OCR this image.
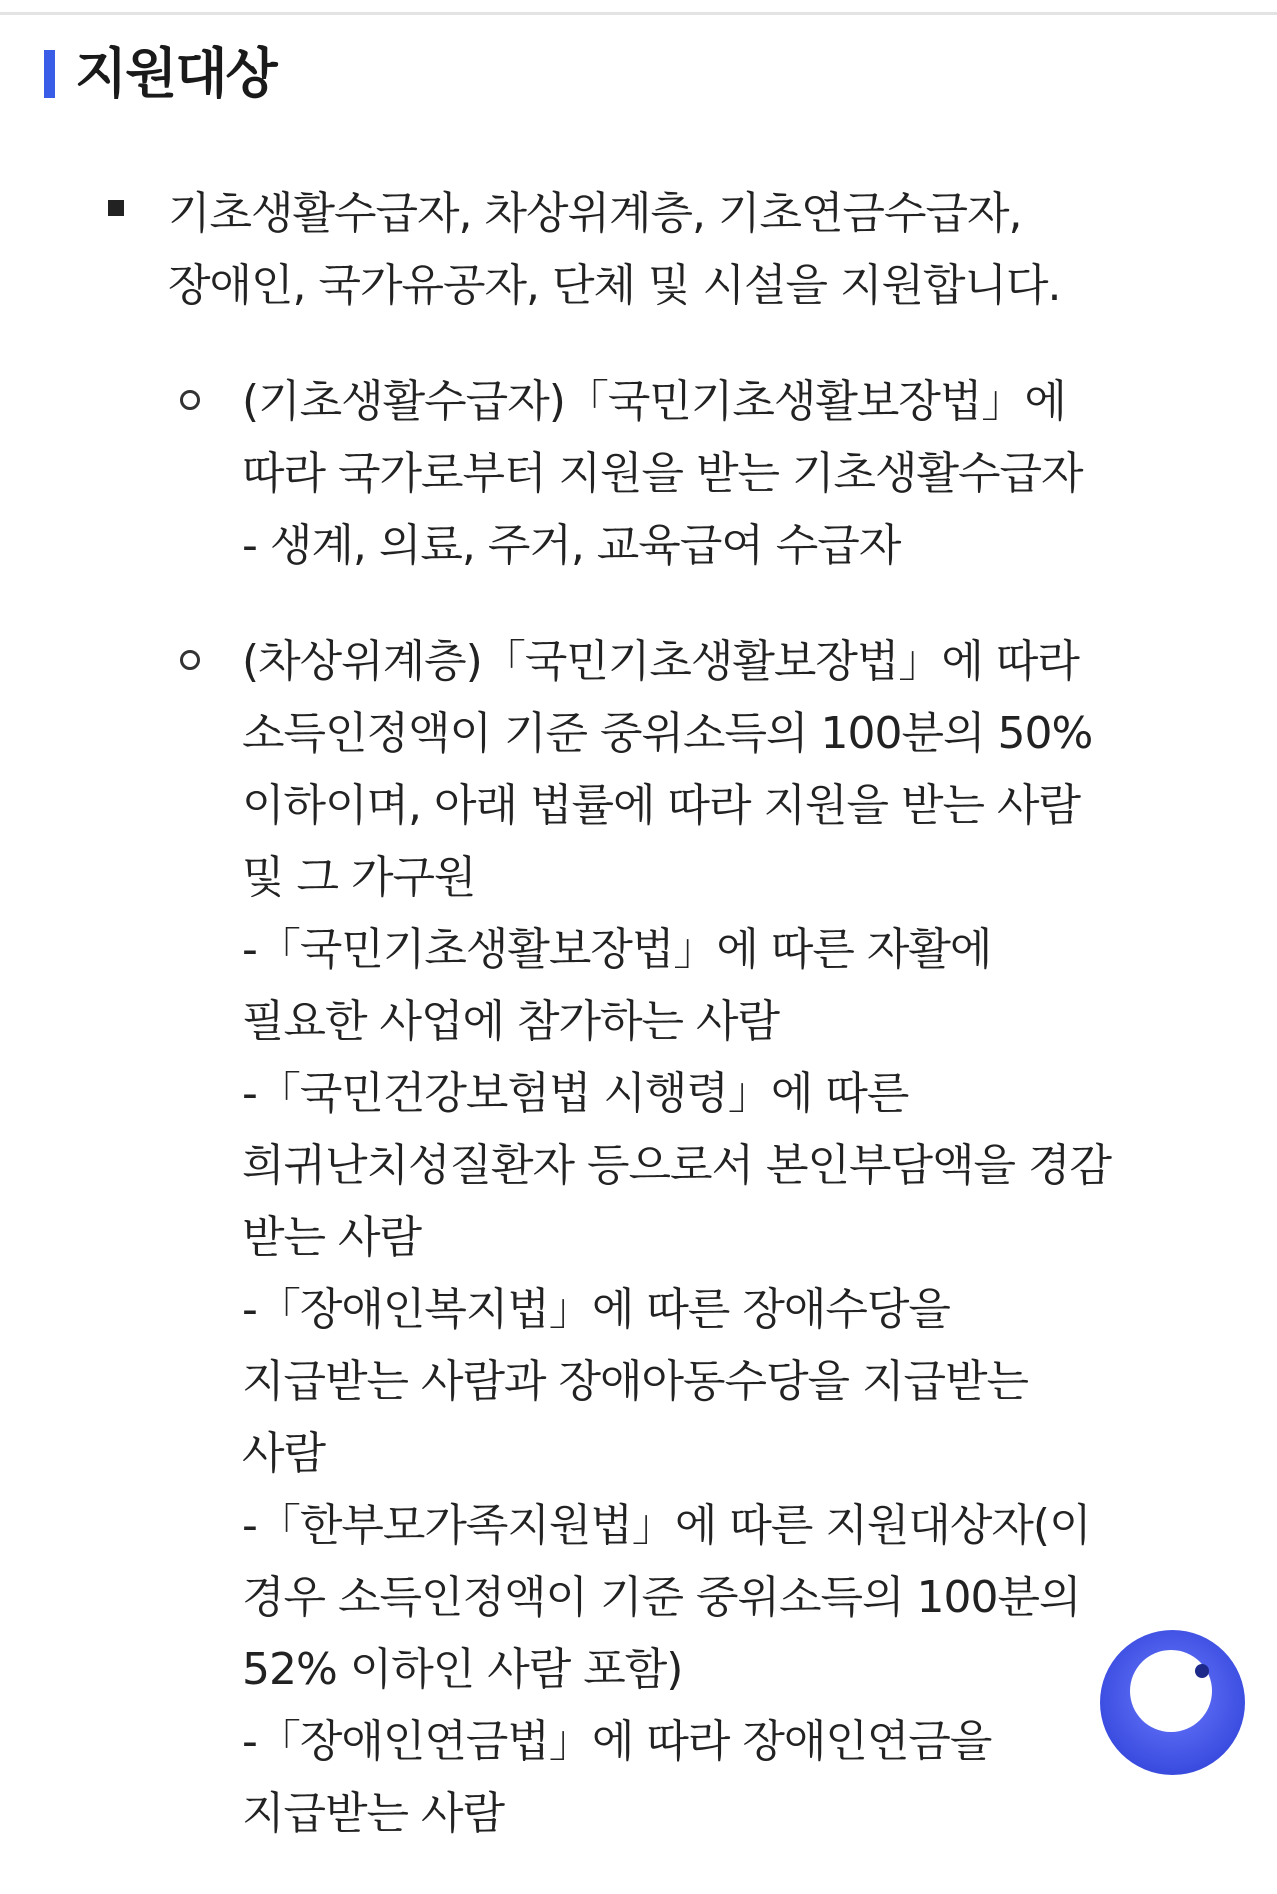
지원대상
기초생활수급자, 차상위계층, 기초연금수급자, 장애인, 국가유공자, 단체 및 시설을 지원합니다.
(기초생활수급자)「국민기초생활보장법」에 따라 국가로부터 지원을 받는 기초생활수급자
- 생계, 의료, 주거, 교육급여 수급자
(차상위계층)「국민기초생활보장법」에 따라 소득인정액이 기준 중위소득의 100분의 50% 이하이며, 아래 법률에 따라 지원을 받는 사람 및 그 가구원
-「국민기초생활보장법」에 따른 자활에 필요한 사업에 참가하는 사람
-「국민건강보험법 시행령」에 따른 희귀난치성질환자 등으로서 본인부담액을 경감 받는 사람
-「장애인복지법」에 따른 장애수당을 지급받는 사람과 장애아동수당을 지급받는 사람
-「한부모가족지원법」에 따른 지원대상자(이 경우 소득인정액이 기준 중위소득의 100분의 52% 이하인 사람 포함)
-「장애인연금법」에 따라 장애인연금을 지급받는 사람
